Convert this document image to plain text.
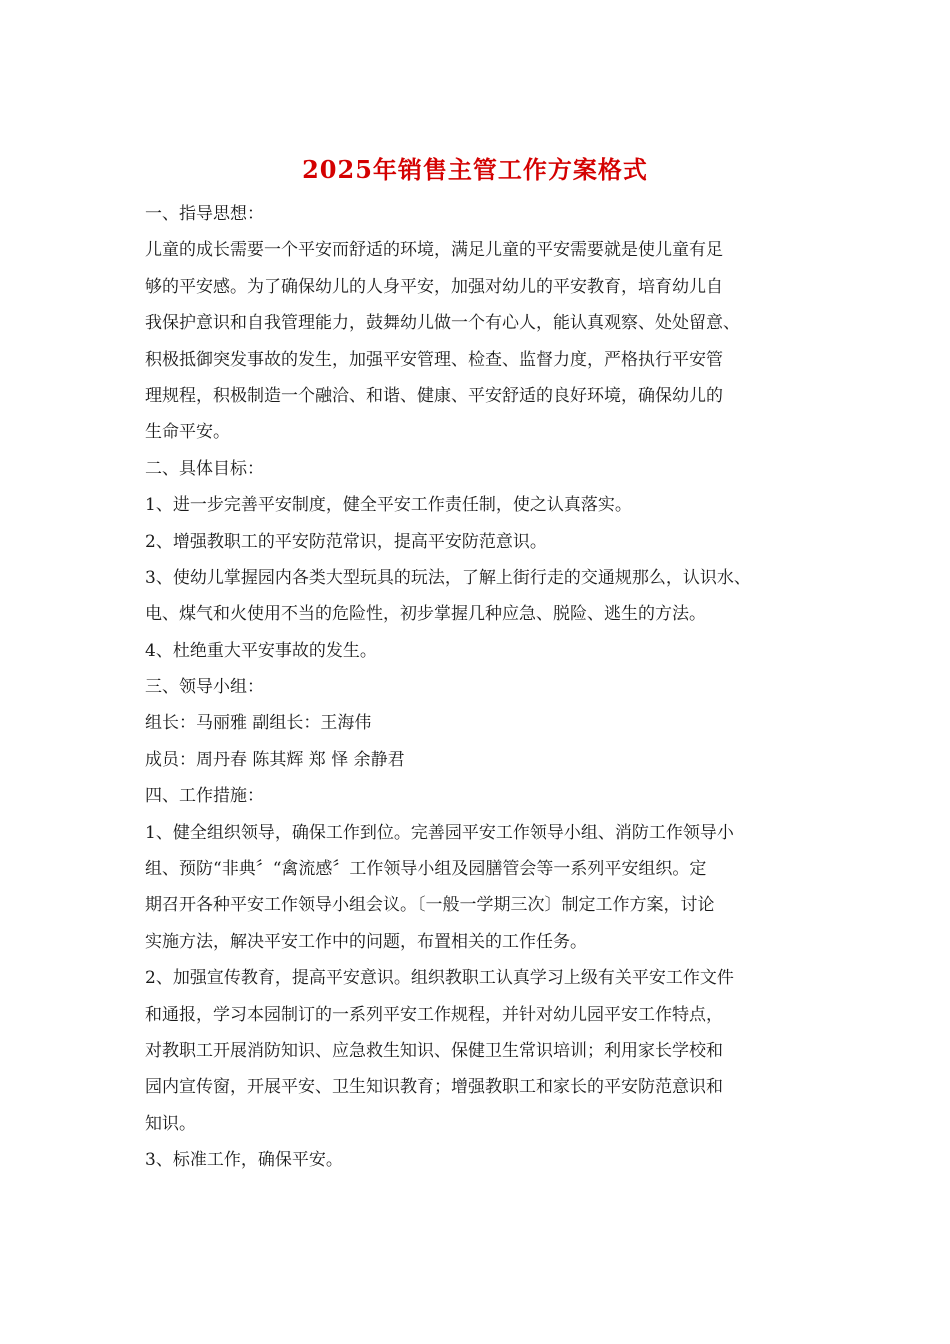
2025年销售主管工作方案格式
一、指导思想：
儿童的成长需要一个平安而舒适的环境，满足儿童的平安需要就是使儿童有足
够的平安感。为了确保幼儿的人身平安，加强对幼儿的平安教育，培育幼儿自
我保护意识和自我管理能力，鼓舞幼儿做一个有心人，能认真观察、处处留意、
积极抵御突发事故的发生，加强平安管理、检查、监督力度，严格执行平安管
理规程，积极制造一个融洽、和谐、健康、平安舒适的良好环境，确保幼儿的
生命平安。
二、具体目标：
1、进一步完善平安制度，健全平安工作责任制，使之认真落实。
2、增强教职工的平安防范常识，提高平安防范意识。
3、使幼儿掌握园内各类大型玩具的玩法，了解上街行走的交通规那么，认识水、
电、煤气和火使用不当的危险性，初步掌握几种应急、脱险、逃生的方法。
4、杜绝重大平安事故的发生。
三、领导小组：
组长：马丽雅 副组长：王海伟
成员：周丹春 陈其辉 郑 怿 余静君
四、工作措施：
1、健全组织领导，确保工作到位。完善园平安工作领导小组、消防工作领导小
组、预防“非典〞“禽流感〞工作领导小组及园膳管会等一系列平安组织。定
期召开各种平安工作领导小组会议。〔一般一学期三次〕制定工作方案，讨论
实施方法，解决平安工作中的问题，布置相关的工作任务。
2、加强宣传教育，提高平安意识。组织教职工认真学习上级有关平安工作文件
和通报，学习本园制订的一系列平安工作规程，并针对幼儿园平安工作特点，
对教职工开展消防知识、应急救生知识、保健卫生常识培训；利用家长学校和
园内宣传窗，开展平安、卫生知识教育；增强教职工和家长的平安防范意识和
知识。
3、标准工作，确保平安。
